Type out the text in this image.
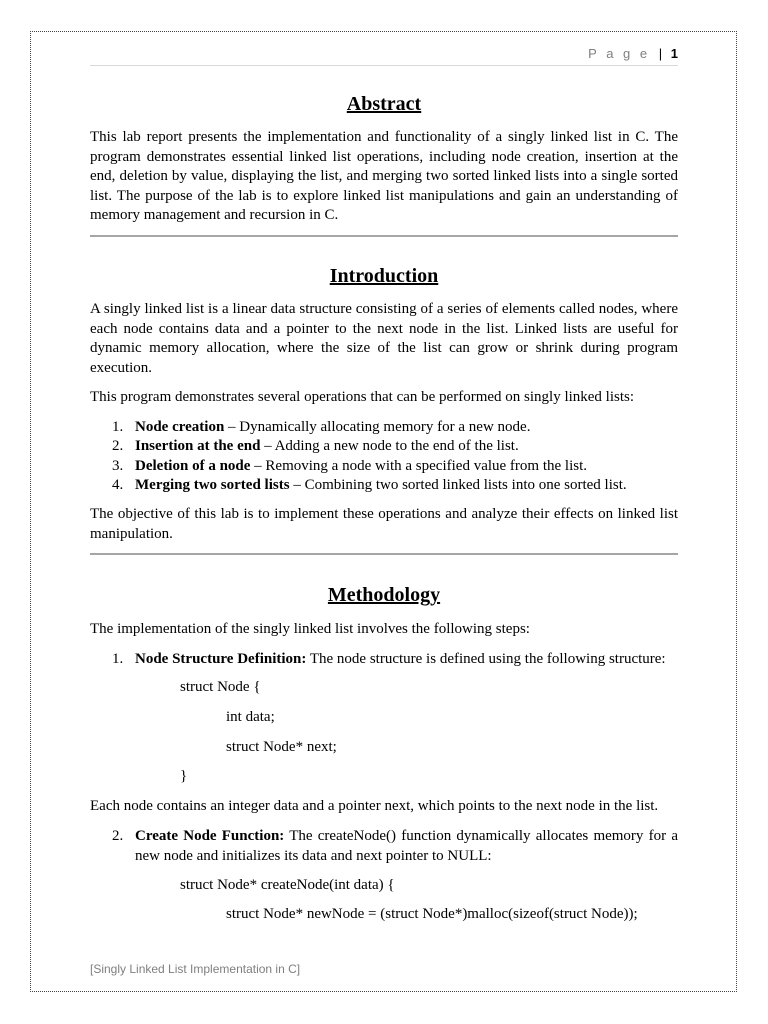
P a g e | 1
Abstract

This lab report presents the implementation and functionality of a singly linked list in C. The program demonstrates essential linked list operations, including node creation, insertion at the end, deletion by value, displaying the list, and merging two sorted linked lists into a single sorted list. The purpose of the lab is to explore linked list manipulations and gain an understanding of memory management and recursion in C.

Introduction

A singly linked list is a linear data structure consisting of a series of elements called nodes, where each node contains data and a pointer to the next node in the list. Linked lists are useful for dynamic memory allocation, where the size of the list can grow or shrink during program execution.

This program demonstrates several operations that can be performed on singly linked lists:

1. Node creation – Dynamically allocating memory for a new node.
2. Insertion at the end – Adding a new node to the end of the list.
3. Deletion of a node – Removing a node with a specified value from the list.
4. Merging two sorted lists – Combining two sorted linked lists into one sorted list.

The objective of this lab is to implement these operations and analyze their effects on linked list manipulation.

Methodology

The implementation of the singly linked list involves the following steps:

1. Node Structure Definition: The node structure is defined using the following structure:
struct Node {
int data;
struct Node* next;
}

Each node contains an integer data and a pointer next, which points to the next node in the list.

2. Create Node Function: The createNode() function dynamically allocates memory for a new node and initializes its data and next pointer to NULL:
struct Node* createNode(int data) {
struct Node* newNode = (struct Node*)malloc(sizeof(struct Node));
[Singly Linked List Implementation in C]
